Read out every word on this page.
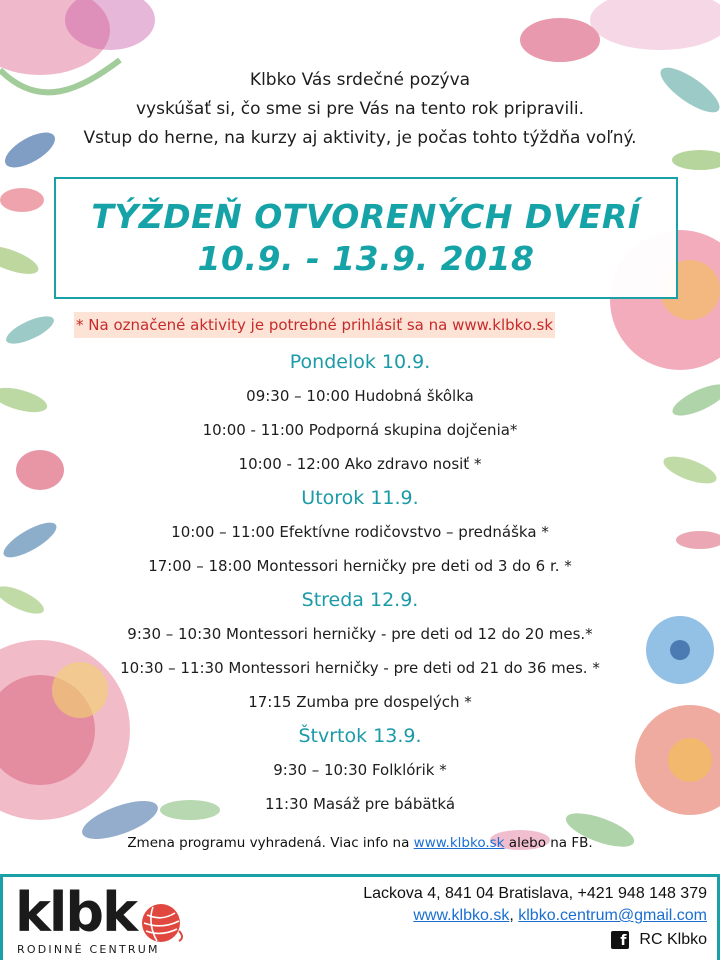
Klbko Vás srdečné pozýva
vyskúšať si, čo sme si pre Vás na tento rok pripravili.
Vstup do herne, na kurzy aj aktivity, je počas tohto týždňa voľný.
TÝŽDEŇ OTVORENÝCH DVERÍ
10.9. - 13.9. 2018
* Na označené aktivity je potrebné prihlásiť sa na www.klbko.sk
Pondelok 10.9.
09:30 – 10:00 Hudobná škôlka
10:00 - 11:00 Podporná skupina dojčenia*
10:00 - 12:00 Ako zdravo nosiť *
Utorok 11.9.
10:00 – 11:00 Efektívne rodičovstvo – prednáška *
17:00 – 18:00 Montessori herničky pre deti od 3 do 6 r. *
Streda 12.9.
9:30 – 10:30 Montessori herničky - pre deti od 12 do 20 mes.*
10:30 – 11:30 Montessori herničky - pre deti od 21 do 36 mes. *
17:15 Zumba pre dospelých *
Štvrtok 13.9.
9:30 – 10:30 Folklórik *
11:30 Masáž pre bábätká
Zmena programu vyhradená. Viac info na www.klbko.sk alebo na FB.
klbk
RODINNÉ CENTRUM
Lackova 4, 841 04 Bratislava, +421 948 148 379
www.klbko.sk, klbko.centrum@gmail.com
f RC Klbko
